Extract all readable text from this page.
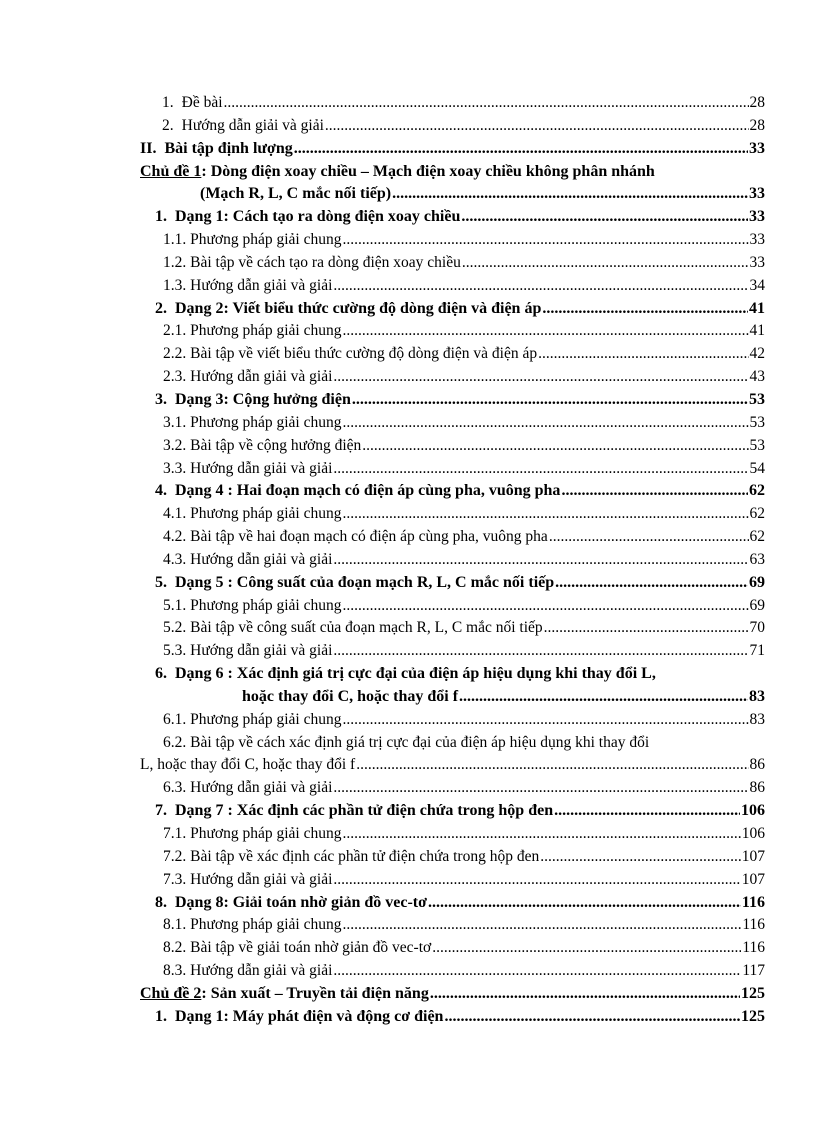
1. Đề bài .....	28
2. Hướng dẫn giải và giải .....	28
II. Bài tập định lượng .....	33
Chủ đề 1: Dòng điện xoay chiều – Mạch điện xoay chiều không phân nhánh
(Mạch R, L, C mắc nối tiếp) .....	33
1. Dạng 1: Cách tạo ra dòng điện xoay chiều .....	33
1.1. Phương pháp giải chung .....	33
1.2. Bài tập về cách tạo ra dòng điện xoay chiều .....	33
1.3. Hướng dẫn giải và giải .....	34
2. Dạng 2: Viết biểu thức cường độ dòng điện và điện áp .....	41
2.1. Phương pháp giải chung .....	41
2.2. Bài tập về viết biểu thức cường độ dòng điện và điện áp .....	42
2.3. Hướng dẫn giải và giải .....	43
3. Dạng 3: Cộng hưởng điện .....	53
3.1. Phương pháp giải chung .....	53
3.2. Bài tập về cộng hưởng điện .....	53
3.3. Hướng dẫn giải và giải .....	54
4. Dạng 4 : Hai đoạn mạch có điện áp cùng pha, vuông pha .....	62
4.1. Phương pháp giải chung .....	62
4.2. Bài tập về hai đoạn mạch có điện áp cùng pha, vuông pha .....	62
4.3. Hướng dẫn giải và giải .....	63
5. Dạng 5 : Công suất của đoạn mạch R, L, C mắc nối tiếp .....	69
5.1. Phương pháp giải chung .....	69
5.2. Bài tập về công suất của đoạn mạch R, L, C mắc nối tiếp .....	70
5.3. Hướng dẫn giải và giải .....	71
6. Dạng 6 : Xác định giá trị cực đại của điện áp hiệu dụng khi thay đổi L,
hoặc thay đổi C, hoặc thay đổi f .....	83
6.1. Phương pháp giải chung .....	83
6.2. Bài tập về cách xác định giá trị cực đại của điện áp hiệu dụng khi thay đổi
L, hoặc thay đổi C, hoặc thay đổi f .....	86
6.3. Hướng dẫn giải và giải .....	86
7. Dạng 7 : Xác định các phần tử điện chứa trong hộp đen .....	106
7.1. Phương pháp giải chung .....	106
7.2. Bài tập về xác định các phần tử điện chứa trong hộp đen .....	107
7.3. Hướng dẫn giải và giải .....	107
8. Dạng 8: Giải toán nhờ giản đồ vec-tơ .....	116
8.1. Phương pháp giải chung .....	116
8.2. Bài tập về giải toán nhờ giản đồ vec-tơ .....	116
8.3. Hướng dẫn giải và giải .....	117
Chủ đề 2: Sản xuất – Truyền tải điện năng .....	125
1. Dạng 1: Máy phát điện và động cơ điện .....	125
